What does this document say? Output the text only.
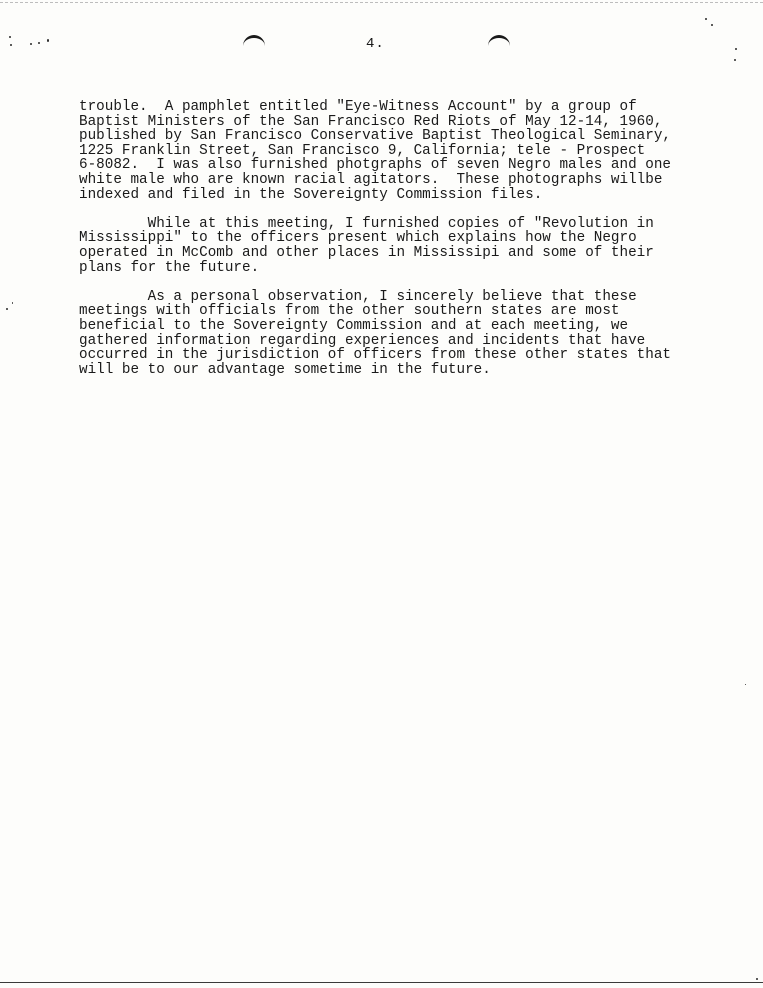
4.

trouble.  A pamphlet entitled "Eye-Witness Account" by a group of
Baptist Ministers of the San Francisco Red Riots of May 12-14, 1960,
published by San Francisco Conservative Baptist Theological Seminary,
1225 Franklin Street, San Francisco 9, California; tele - Prospect
6-8082.  I was also furnished photgraphs of seven Negro males and one
white male who are known racial agitators.  These photographs willbe
indexed and filed in the Sovereignty Commission files.

While at this meeting, I furnished copies of "Revolution in
Mississippi" to the officers present which explains how the Negro
operated in McComb and other places in Mississipi and some of their
plans for the future.

As a personal observation, I sincerely believe that these
meetings with officials from the other southern states are most
beneficial to the Sovereignty Commission and at each meeting, we
gathered information regarding experiences and incidents that have
occurred in the jurisdiction of officers from these other states that
will be to our advantage sometime in the future.
